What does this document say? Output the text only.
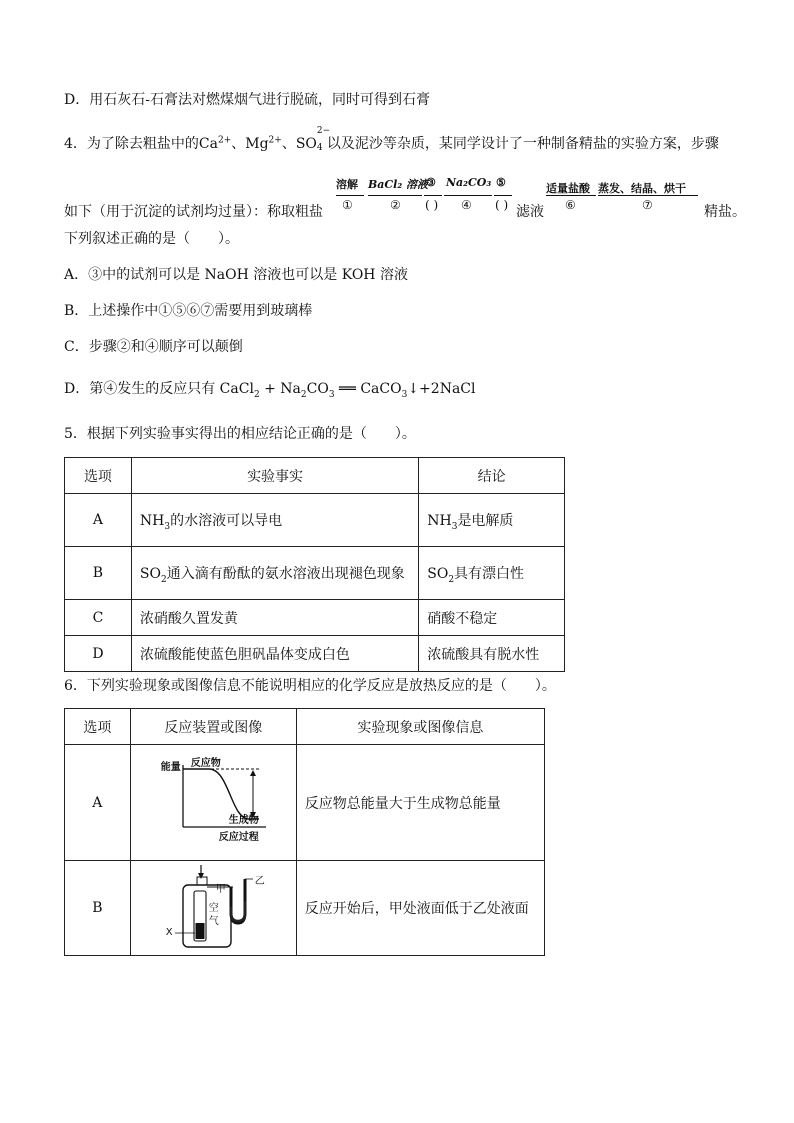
D．用石灰石-石膏法对燃煤烟气进行脱硫，同时可得到石膏
4．为了除去粗盐中的$Ca^{2+}$、$Mg^{2+}$、SO
2−
4 以及泥沙等杂质，某同学设计了一种制备精盐的实验方案，步骤
如下（用于沉淀的试剂均过量）：称取粗盐	滤液	精盐。
溶解
①
BaCl₂ 溶液
②
③
( )
Na₂CO₃
④
⑤
( )
适量盐酸
⑥
蒸发、结晶、烘干
⑦
下列叙述正确的是（　　）。
A．③中的试剂可以是 NaOH 溶液也可以是 KOH 溶液
B．上述操作中①⑤⑥⑦需要用到玻璃棒
C．步骤②和④顺序可以颠倒
D．第④发生的反应只有 CaCl$_2$ + $Na_2CO_3$ ══ CaCO$_3$↓+2NaCl
5．根据下列实验事实得出的相应结论正确的是（　　）。
选项	实验事实	结论
A	$NH_3$的水溶液可以导电	$NH_3$是电解质
B	$SO_2$通入滴有酚酞的氨水溶液出现褪色现象	$SO_2$具有漂白性
C	浓硝酸久置发黄	硝酸不稳定
D	浓硫酸能使蓝色胆矾晶体变成白色	浓硫酸具有脱水性
6．下列实验现象或图像信息不能说明相应的化学反应是放热反应的是（　　）。
选项	反应装置或图像	实验现象或图像信息
A	能量 反应物
生成物
反应过程	反应物总能量大于生成物总能量
B	甲
乙
空
气
X	反应开始后，甲处液面低于乙处液面
